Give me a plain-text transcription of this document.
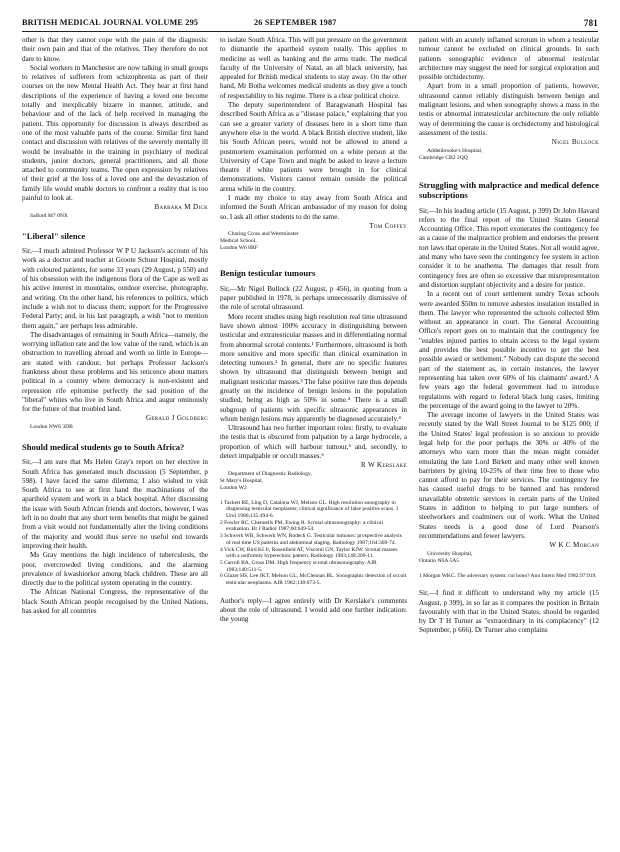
BRITISH MEDICAL JOURNAL VOLUME 295	26 SEPTEMBER 1987	781

other is that they cannot cope with the pain of the diagnosis: their own pain and that of the relatives. They therefore do not dare to know.

Social workers in Manchester are now talking in small groups to relatives of sufferers from schizophrenia as part of their courses on the new Mental Health Act. They hear at first hand descriptions of the experience of having a loved one become totally and inexplicably bizarre in manner, attitude, and behaviour and of the lack of help received in managing the patient. This opportunity for discussion is always described as one of the most valuable parts of the course. Similar first hand contact and discussion with relatives of the severely mentally ill would be invaluable in the training in psychiatry of medical students, junior doctors, general practitioners, and all those attached to community teams. The open expression by relatives of their grief at the loss of a loved one and the devastation of family life would enable doctors to confront a reality that is too painful to look at.

Barbara M Dick

Salford M7 0NX

"Liberal" silence

Sir,—I much admired Professor W P U Jackson's account of his work as a doctor and teacher at Groote Schuur Hospital, mostly with coloured patients, for some 33 years (29 August, p 550) and of his obsession with the indigenous flora of the Cape as well as his active interest in mountains, outdoor exercise, photography, and writing. On the other hand, his references to politics, which include a wish not to discuss them; support for the Progressive Federal Party; and, in his last paragraph, a wish "not to mention them again," are perhaps less admirable.

The disadvantages of remaining in South Africa—namely, the worrying inflation rate and the low value of the rand, which is an obstruction to travelling abroad and worth so little in Europe—are stated with candour, but perhaps Professor Jackson's frankness about these problems and his reticence about matters political in a country where democracy is non-existent and repression rife epitomise perfectly the sad position of the "liberal" whites who live in South Africa and augur ominously for the future of that troubled land.

Gerald J Goldberg

London NW6 3DB

Should medical students go to South Africa?

Sir,—I am sure that Ms Helen Gray's report on her elective in South Africa has generated much discussion (5 September, p 598). I have faced the same dilemma; I also wished to visit South Africa to see at first hand the machinations of the apartheid system and work in a black hospital. After discussing the issue with South African friends and doctors, however, I was left in no doubt that any short term benefits that might be gained from a visit would not fundamentally alter the living conditions of the majority and would thus serve no useful end towards improving their health.

Ms Gray mentions the high incidence of tuberculosis, the poor, overcrowded living conditions, and the alarming prevalence of kwashiorkor among black children. These are all directly due to the political system operating in the country.

The African National Congress, the representative of the black South African people recognised by the United Nations, has asked for all countries

to isolate South Africa. This will put pressure on the government to dismantle the apartheid system totally. This applies to medicine as well as banking and the arms trade. The medical faculty of the University of Natal, an all black university, has appealed for British medical students to stay away. On the other hand, Mr Botha welcomes medical students as they give a touch of respectability to his regime. There is a clear political choice.

The deputy superintendent of Baragwanath Hospital has described South Africa as a "disease palace," explaining that you can see a greater variety of diseases here in a short time than anywhere else in the world. A black British elective student, like his South African peers, would not be allowed to attend a postmortem examination performed on a white person at the University of Cape Town and might be asked to leave a lecture theatre if white patients were brought in for clinical demonstrations. Visitors cannot remain outside the political arena while in the country.

I made my choice to stay away from South Africa and informed the South African ambassador of my reason for doing so. I ask all other students to do the same.

Tom Coffey

Charing Cross and Westminster
Medical School,
London W6 8RF

Benign testicular tumours

Sir,—Mr Nigel Bullock (22 August, p 456), in quoting from a paper published in 1978, is perhaps unnecessarily dismissive of the role of scrotal ultrasound.

More recent studies using high resolution real time ultrasound have shown almost 100% accuracy in distinguishing between testicular and extratesticular masses and in differentiating normal from abnormal scrotal contents.¹ Furthermore, ultrasound is both more sensitive and more specific than clinical examination in detecting tumours.² In general, there are no specific features shown by ultrasound that distinguish between benign and malignant testicular masses.³ The false positive rate thus depends greatly on the incidence of benign lesions in the population studied, being as high as 50% in some.⁴ There is a small subgroup of patients with specific ultrasonic appearances in whom benign lesions may apparently be diagnosed accurately.⁴

Ultrasound has two further important roles: firstly, to evaluate the testis that is obscured from palpation by a large hydrocele, a proportion of which will harbour tumour,⁵ and, secondly, to detect impalpable or occult masses.⁶

R W Kerslake

Department of Diagnostic Radiology,
St Mary's Hospital,
London W2

1 Tackett RE, Ling D, Catalona WJ, Melson GL. High resolution sonography in diagnosing testicular neoplasms; clinical significance of false positive scans. J Urol 1986;135:494-6.
2 Fowler RC, Chennells PM, Ewing R. Scrotal ultrasonography: a clinical evaluation. Br J Radiol 1987;60:649-54.
3 Schwerk WB, Schwerk WN, Rodeck G. Testicular tumours: prospective analysis of real time US patterns and abdominal staging. Radiology 1987;164:369-74.
4 Vick CW, Bird KI Jr, Rosenfield AT, Viscomi GN, Taylor KJW. Scrotal masses with a uniformly hyperechoic pattern. Radiology 1983;148:209-11.
5 Carroll BA, Gross DM. High frequency scrotal ultrasonography. AJR 1983;140:511-5.
6 Glazer HS, Lee JKT, Melson GL, McClennan BL. Sonographic detection of occult testicular neoplasms. AJR 1982;138:673-5.

Author's reply—I agree entirely with Dr Kerslake's comments about the role of ultrasound. I would add one further indication: the young

patient with an acutely inflamed scrotum in whom a testicular tumour cannot be excluded on clinical grounds. In such patients sonographic evidence of abnormal testicular architecture may suggest the need for surgical exploration and possible orchidectomy.

Apart from in a small proportion of patients, however, ultrasound cannot reliably distinguish between benign and malignant lesions, and when sonography shows a mass in the testis or abnormal intratesticular architecture the only reliable way of determining the cause is orchidectomy and histological assessment of the testis.

Nigel Bullock

Addenbrooke's Hospital,
Cambridge CB2 2QQ

Struggling with malpractice and medical defence subscriptions

Sir,—In his leading article (15 August, p 399) Dr John Havard refers to the final report of the United States General Accounting Office. This report exonerates the contingency fee as a cause of the malpractice problem and endorses the present tort laws that operate in the United States. Not all would agree, and many who have seen the contingency fee system in action consider it to be anathema. The damages that result from contingency fees are often so excessive that misrepresentation and distortion supplant objectivity and a desire for justice.

In a recent out of court settlement sundry Texas schools were awarded $50m to remove asbestos insulation installed in them. The lawyer who represented the schools collected $9m without an appearance in court. The General Accounting Office's report goes on to maintain that the contingency fee "enables injured parties to obtain access to the legal system and provides the best possible incentive to get the best possible award or settlement." Nobody can dispute the second part of the statement as, in certain instances, the lawyer representing has taken over 60% of his claimants' award.¹ A few years ago the federal government had to introduce regulations with regard to federal black lung cases, limiting the percentage of the award going to the lawyer to 20%.

The average income of lawyers in the United States was recently stated by the Wall Street Journal to be $125 000; if the United States' legal profession is so anxious to provide legal help for the poor perhaps the 30% or 40% of the attorneys who earn more than the mean might consider emulating the late Lord Birkett and many other well known barristers by giving 10-25% of their time free to those who cannot afford to pay for their services. The contingency fee has caused useful drugs to be banned and has rendered unavailable obstetric services in certain parts of the United States in addition to helping to put large numbers of steelworkers and coalminers out of work. What the United States needs is a good dose of Lord Pearson's recommendations and fewer lawyers.

W K C Morgan

University Hospital,
Ontario N6A 5A5

1 Morgan WKC. The adversary system: cui bono? Ann Intern Med 1982;97:919.

Sir,—I find it difficult to understand why my article (15 August, p 399), in so far as it compares the position in Britain favourably with that in the United States, should be regarded by Dr T H Turner as "extraordinary in its complacency" (12 September, p 666). Dr Turner also complains
